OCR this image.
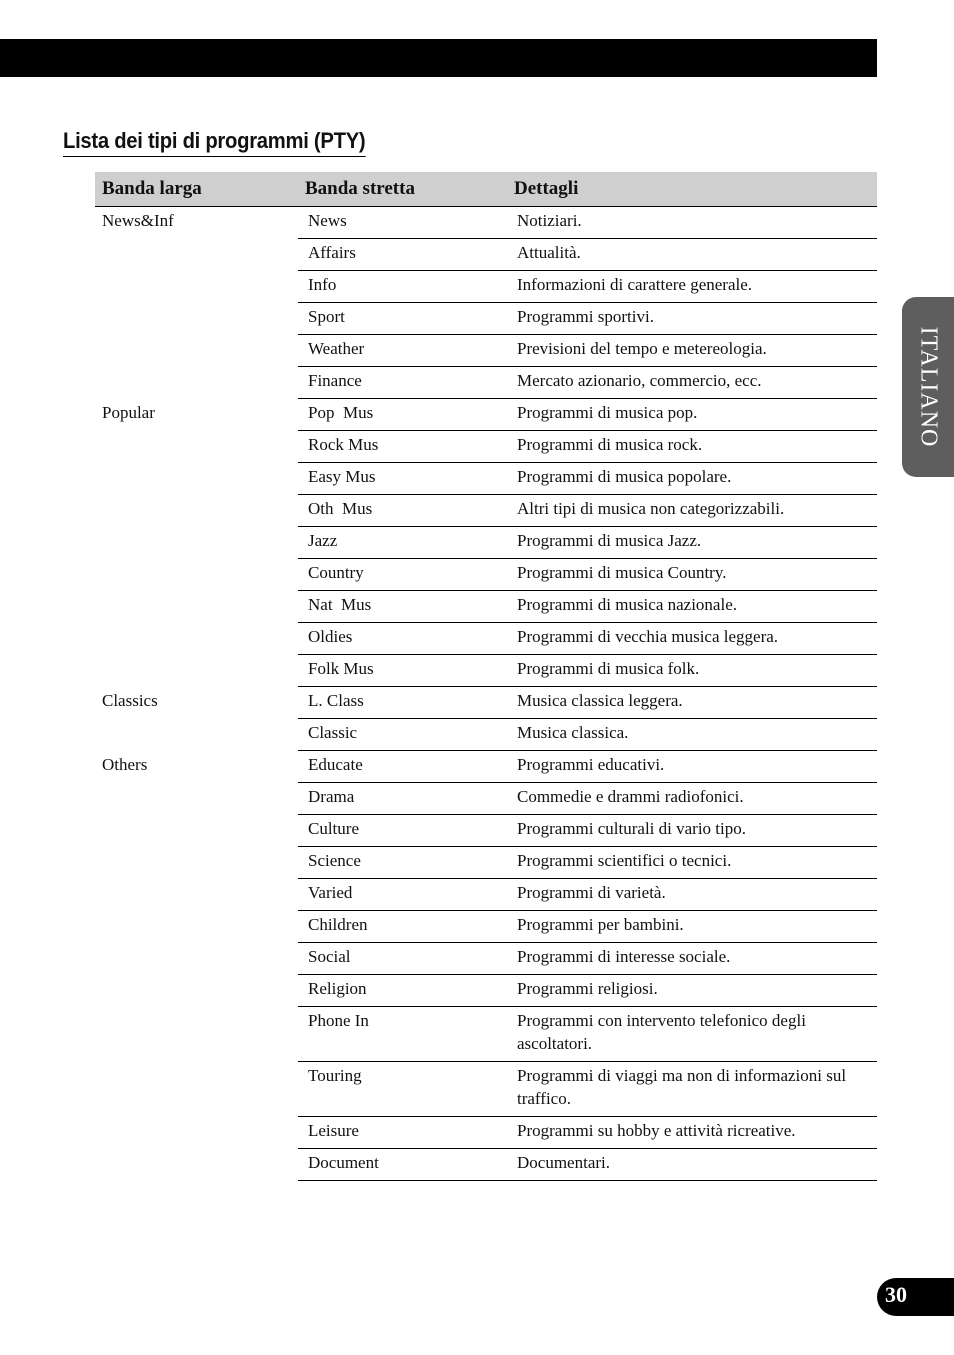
Lista dei tipi di programmi (PTY)
ITALIANO
Banda larga	Banda stretta	Dettagli
News&Inf	News	Notiziari.
	Affairs	Attualità.
	Info	Informazioni di carattere generale.
	Sport	Programmi sportivi.
	Weather	Previsioni del tempo e metereologia.
	Finance	Mercato azionario, commercio, ecc.
Popular	Pop  Mus	Programmi di musica pop.
	Rock Mus	Programmi di musica rock.
	Easy Mus	Programmi di musica popolare.
	Oth  Mus	Altri tipi di musica non categorizzabili.
	Jazz	Programmi di musica Jazz.
	Country	Programmi di musica Country.
	Nat  Mus	Programmi di musica nazionale.
	Oldies	Programmi di vecchia musica leggera.
	Folk Mus	Programmi di musica folk.
Classics	L. Class	Musica classica leggera.
	Classic	Musica classica.
Others	Educate	Programmi educativi.
	Drama	Commedie e drammi radiofonici.
	Culture	Programmi culturali di vario tipo.
	Science	Programmi scientifici o tecnici.
	Varied	Programmi di varietà.
	Children	Programmi per bambini.
	Social	Programmi di interesse sociale.
	Religion	Programmi religiosi.
	Phone In	Programmi con intervento telefonico degli ascoltatori.
	Touring	Programmi di viaggi ma non di informazioni sul traffico.
	Leisure	Programmi su hobby e attività ricreative.
	Document	Documentari.
30
